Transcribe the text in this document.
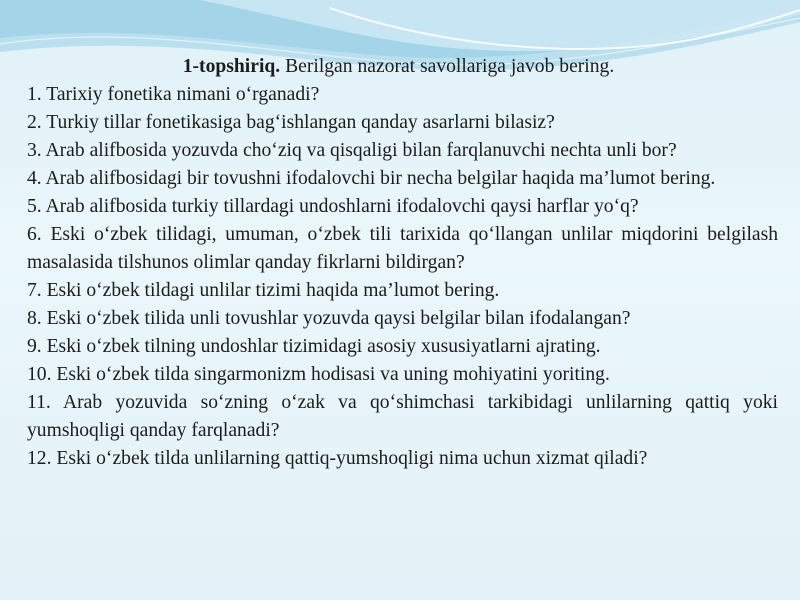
1-topshiriq. Berilgan nazorat savollariga javob bering.

1. Tarixiy fonetika nimani o‘rganadi?

2. Turkiy tillar fonetikasiga bag‘ishlangan qanday asarlarni bilasiz?

3. Arab alifbosida yozuvda cho‘ziq va qisqaligi bilan farqlanuvchi nechta unli bor?

4. Arab alifbosidagi bir tovushni ifodalovchi bir necha belgilar haqida ma’lumot bering.

5. Arab alifbosida turkiy tillardagi undoshlarni ifodalovchi qaysi harflar yo‘q?

6. Eski o‘zbek tilidagi, umuman, o‘zbek tili tarixida qo‘llangan unlilar miqdorini belgilash masalasida tilshunos olimlar qanday fikrlarni bildirgan?

7. Eski o‘zbek tildagi unlilar tizimi haqida ma’lumot bering.

8. Eski o‘zbek tilida unli tovushlar yozuvda qaysi belgilar bilan ifodalangan?

9. Eski o‘zbek tilning undoshlar tizimidagi asosiy xususiyatlarni ajrating.

10. Eski o‘zbek tilda singarmonizm hodisasi va uning mohiyatini yoriting.

11. Arab yozuvida so‘zning o‘zak va qo‘shimchasi tarkibidagi unlilarning qattiq yoki yumshoqligi qanday farqlanadi?

12. Eski o‘zbek tilda unlilarning qattiq-yumshoqligi nima uchun xizmat qiladi?
